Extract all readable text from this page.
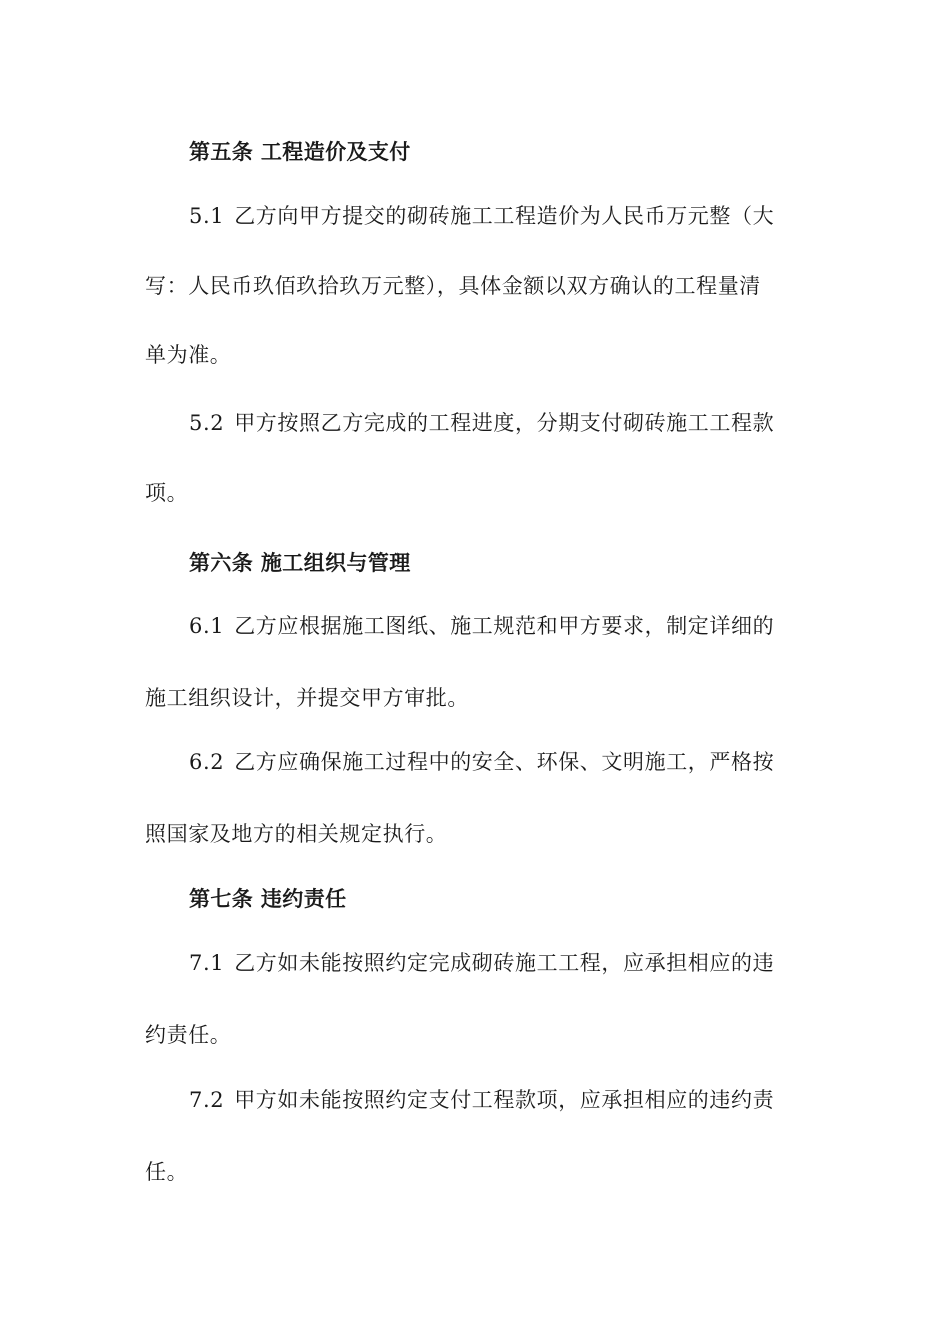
第五条 工程造价及支付
5.1 乙方向甲方提交的砌砖施工工程造价为人民币万元整（大
写：人民币玖佰玖拾玖万元整），具体金额以双方确认的工程量清
单为准。
5.2 甲方按照乙方完成的工程进度，分期支付砌砖施工工程款
项。
第六条 施工组织与管理
6.1 乙方应根据施工图纸、施工规范和甲方要求，制定详细的
施工组织设计，并提交甲方审批。
6.2 乙方应确保施工过程中的安全、环保、文明施工，严格按
照国家及地方的相关规定执行。
第七条 违约责任
7.1 乙方如未能按照约定完成砌砖施工工程，应承担相应的违
约责任。
7.2 甲方如未能按照约定支付工程款项，应承担相应的违约责
任。
